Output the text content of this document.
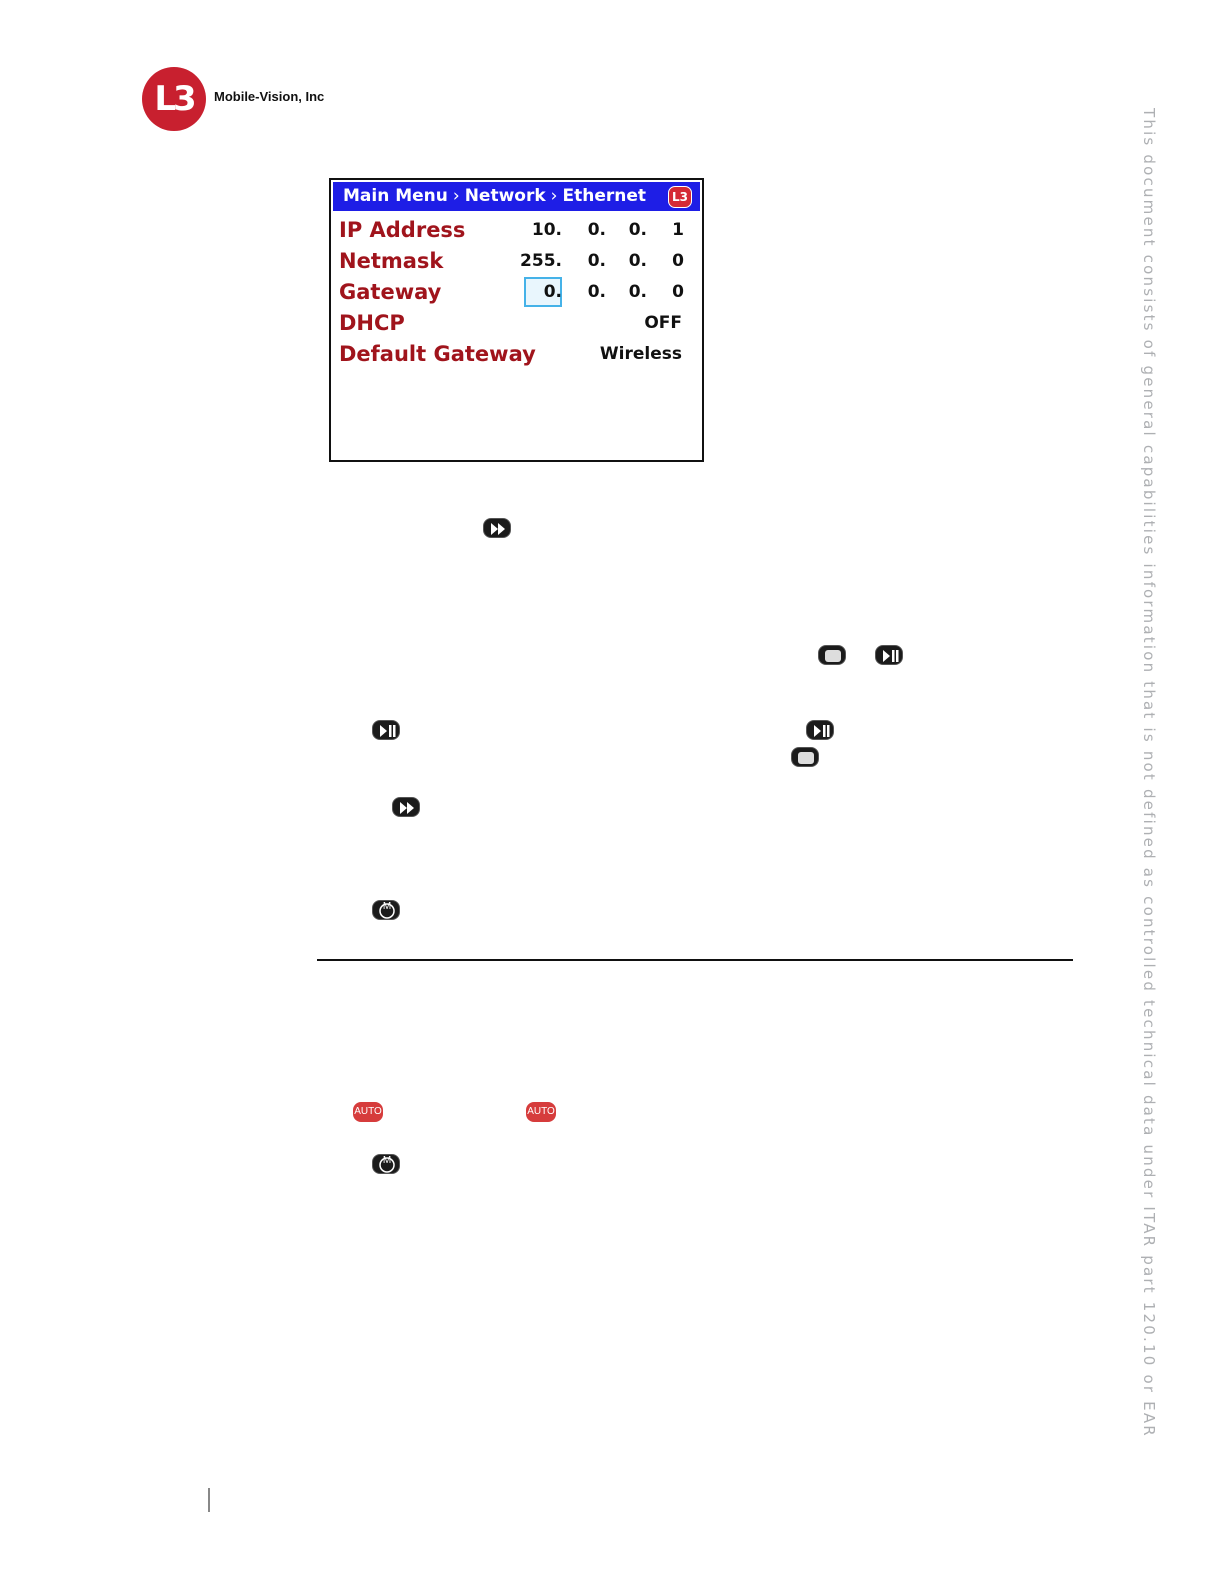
L3	Mobile-Vision, Inc
Main Menu › Network › Ethernet	L3
IP Address	10.	0.	0.	1
Netmask	255.	0.	0.	0
Gateway	0.	0.	0.	0
DHCP	OFF
Default Gateway	Wireless
M
AUTO	AUTO
M	This document consists of general capabilities information that is not defined as controlled technical data under ITAR part 120.10 or EAR
